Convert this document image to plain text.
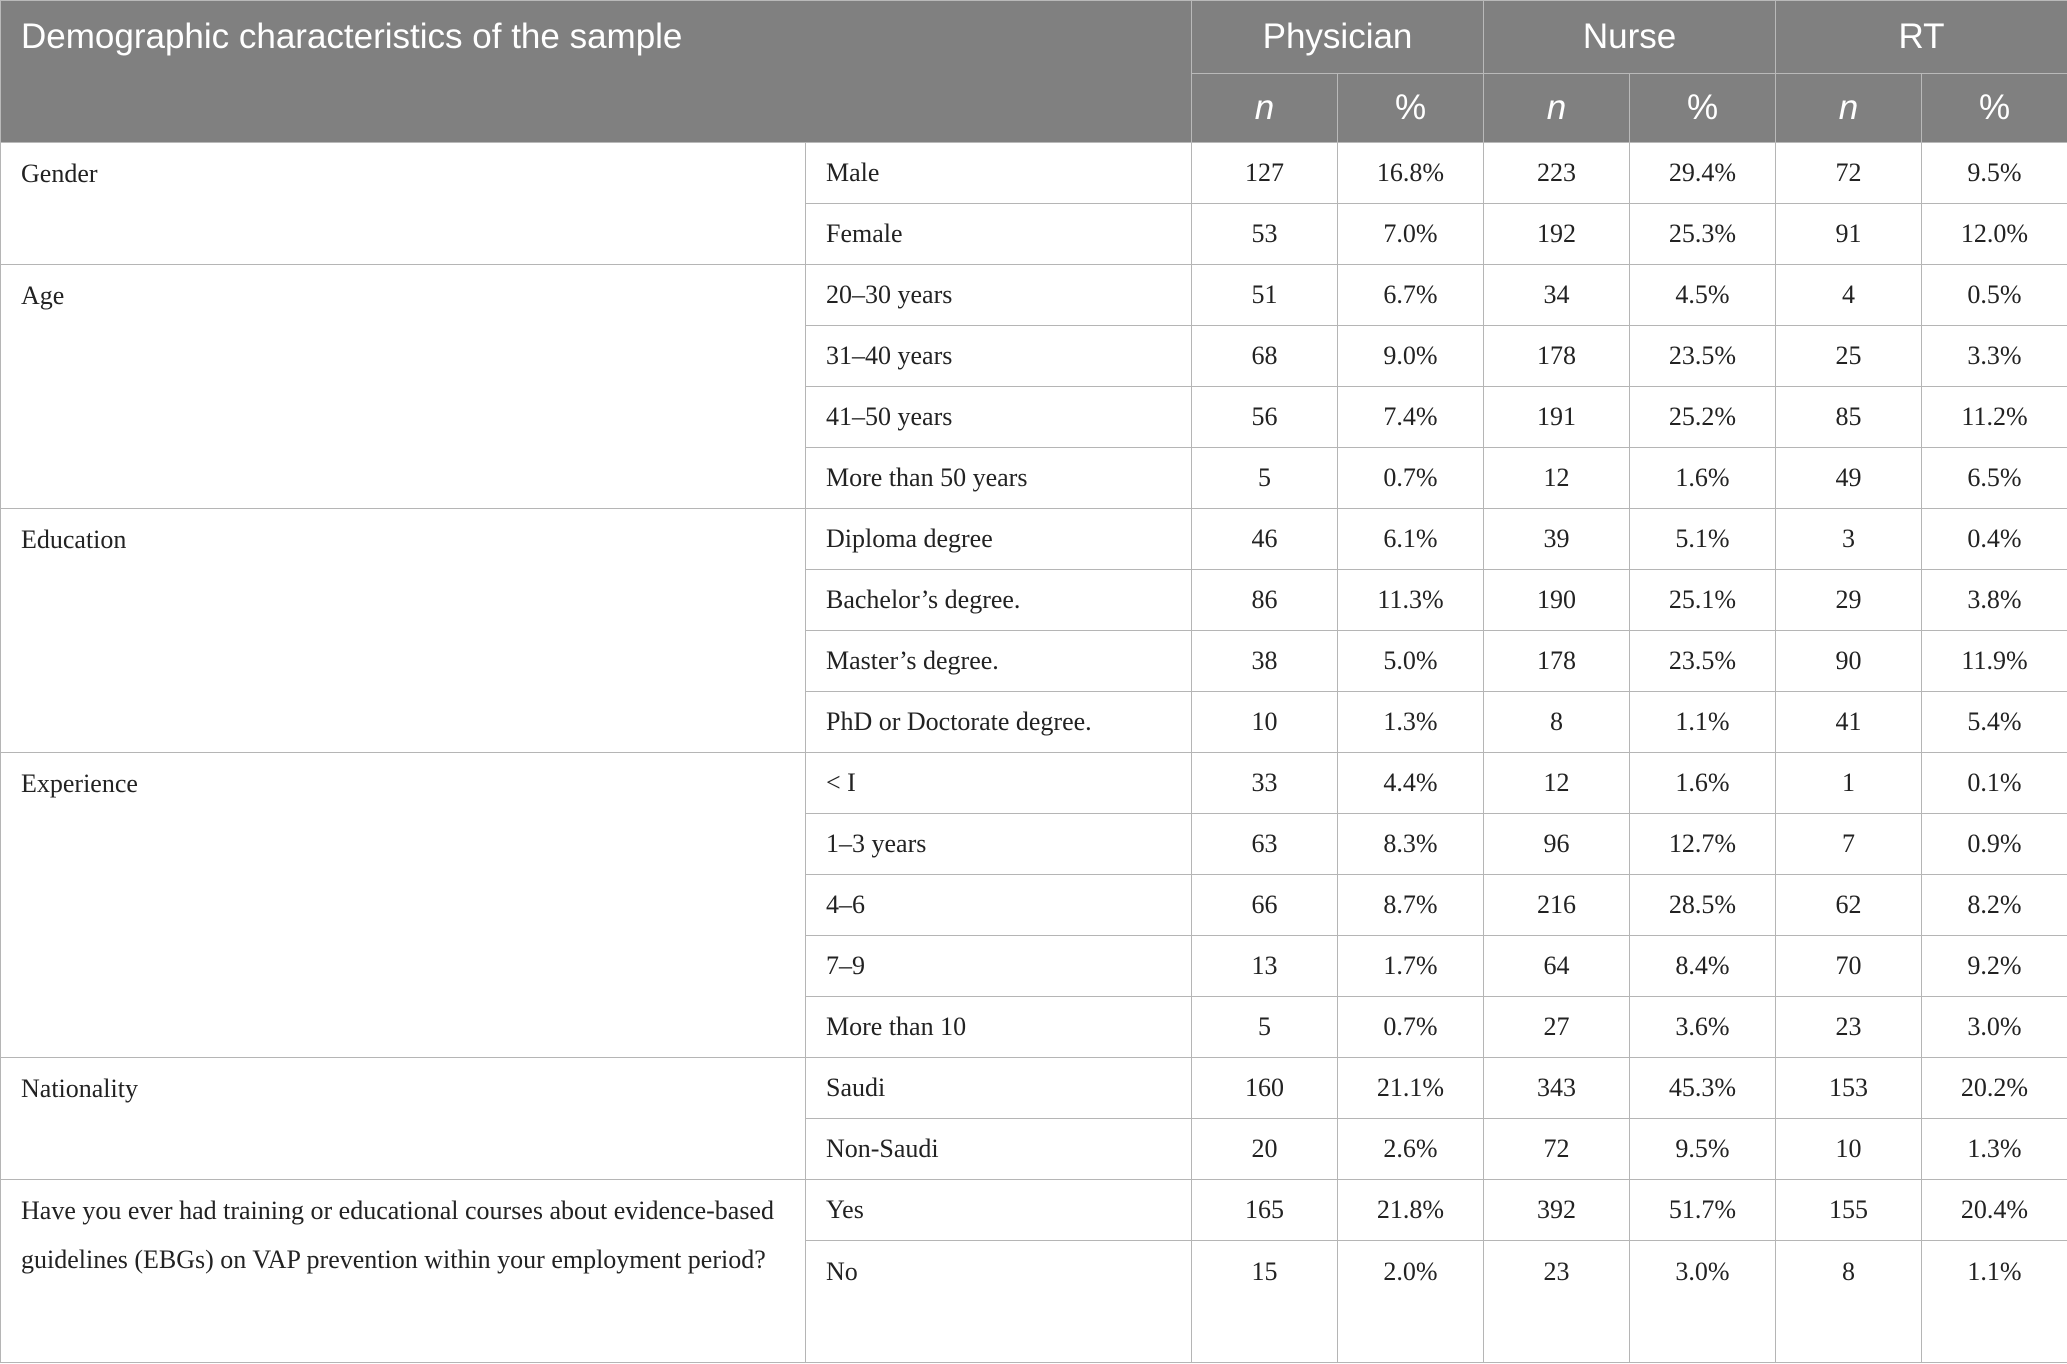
Demographic characteristics of the sample		Physician		Nurse		RT	
		n	%	n	%	n	%
Gender	Male	127	16.8%	223	29.4%	72	9.5%
	Female	53	7.0%	192	25.3%	91	12.0%
Age	20–30 years	51	6.7%	34	4.5%	4	0.5%
	31–40 years	68	9.0%	178	23.5%	25	3.3%
	41–50 years	56	7.4%	191	25.2%	85	11.2%
	More than 50 years	5	0.7%	12	1.6%	49	6.5%
Education	Diploma degree	46	6.1%	39	5.1%	3	0.4%
	Bachelor’s degree.	86	11.3%	190	25.1%	29	3.8%
	Master’s degree.	38	5.0%	178	23.5%	90	11.9%
	PhD or Doctorate degree.	10	1.3%	8	1.1%	41	5.4%
Experience	< I	33	4.4%	12	1.6%	1	0.1%
	1–3 years	63	8.3%	96	12.7%	7	0.9%
	4–6	66	8.7%	216	28.5%	62	8.2%
	7–9	13	1.7%	64	8.4%	70	9.2%
	More than 10	5	0.7%	27	3.6%	23	3.0%
Nationality	Saudi	160	21.1%	343	45.3%	153	20.2%
	Non-Saudi	20	2.6%	72	9.5%	10	1.3%
Have you ever had training or educational courses about evidence-based guidelines (EBGs) on VAP prevention within your employment period?	Yes	165	21.8%	392	51.7%	155	20.4%
	No	15	2.0%	23	3.0%	8	1.1%
